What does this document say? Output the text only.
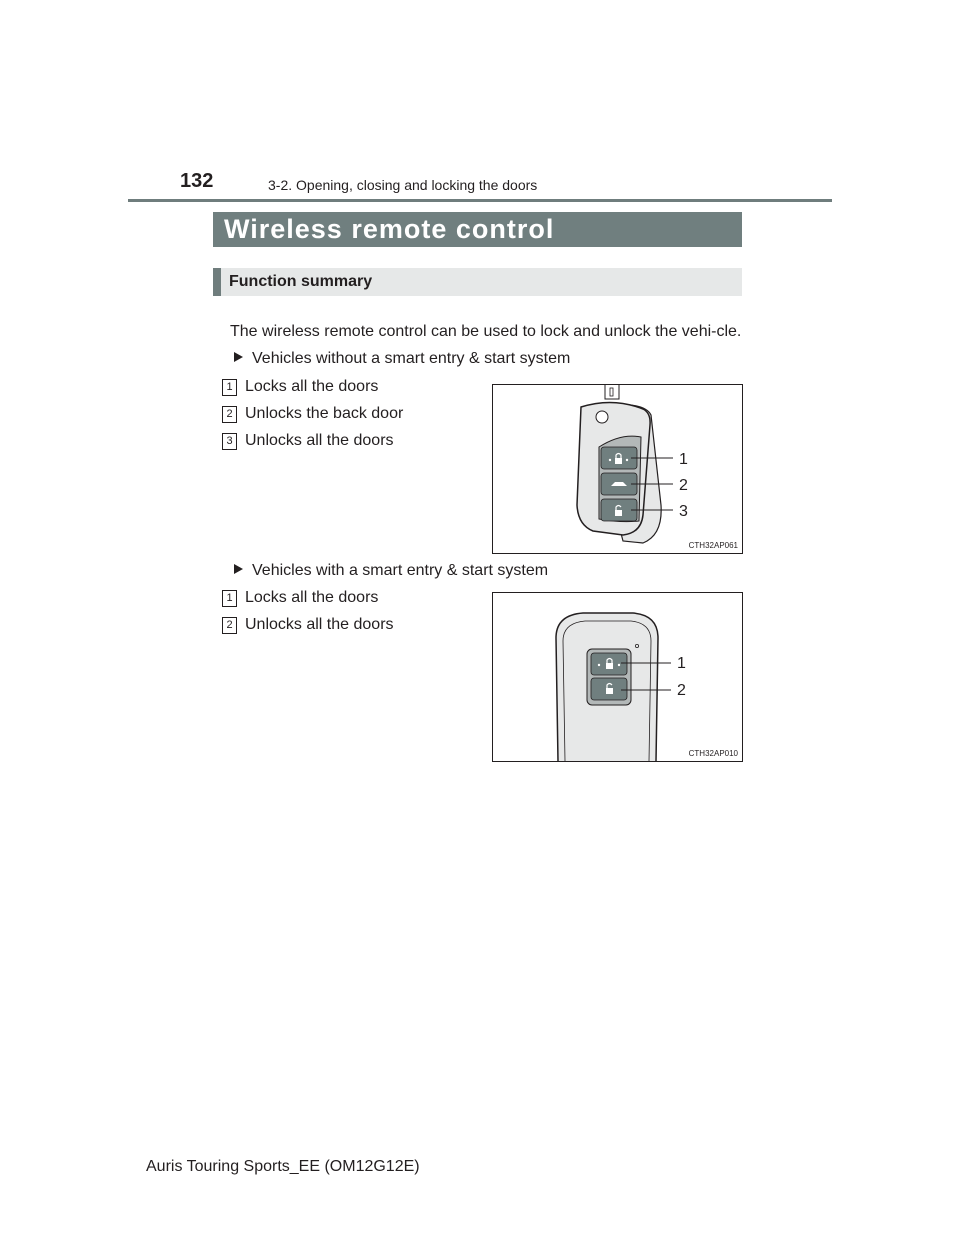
132	3-2. Opening, closing and locking the doors
Wireless remote control
Function summary
The wireless remote control can be used to lock and unlock the vehi-cle.
Vehicles without a smart entry & start system
1 Locks all the doors
2 Unlocks the back door
3 Unlocks all the doors
1
2
3
CTH32AP061
Vehicles with a smart entry & start system
1 Locks all the doors
2 Unlocks all the doors
1
2
CTH32AP010
Auris Touring Sports_EE (OM12G12E)
